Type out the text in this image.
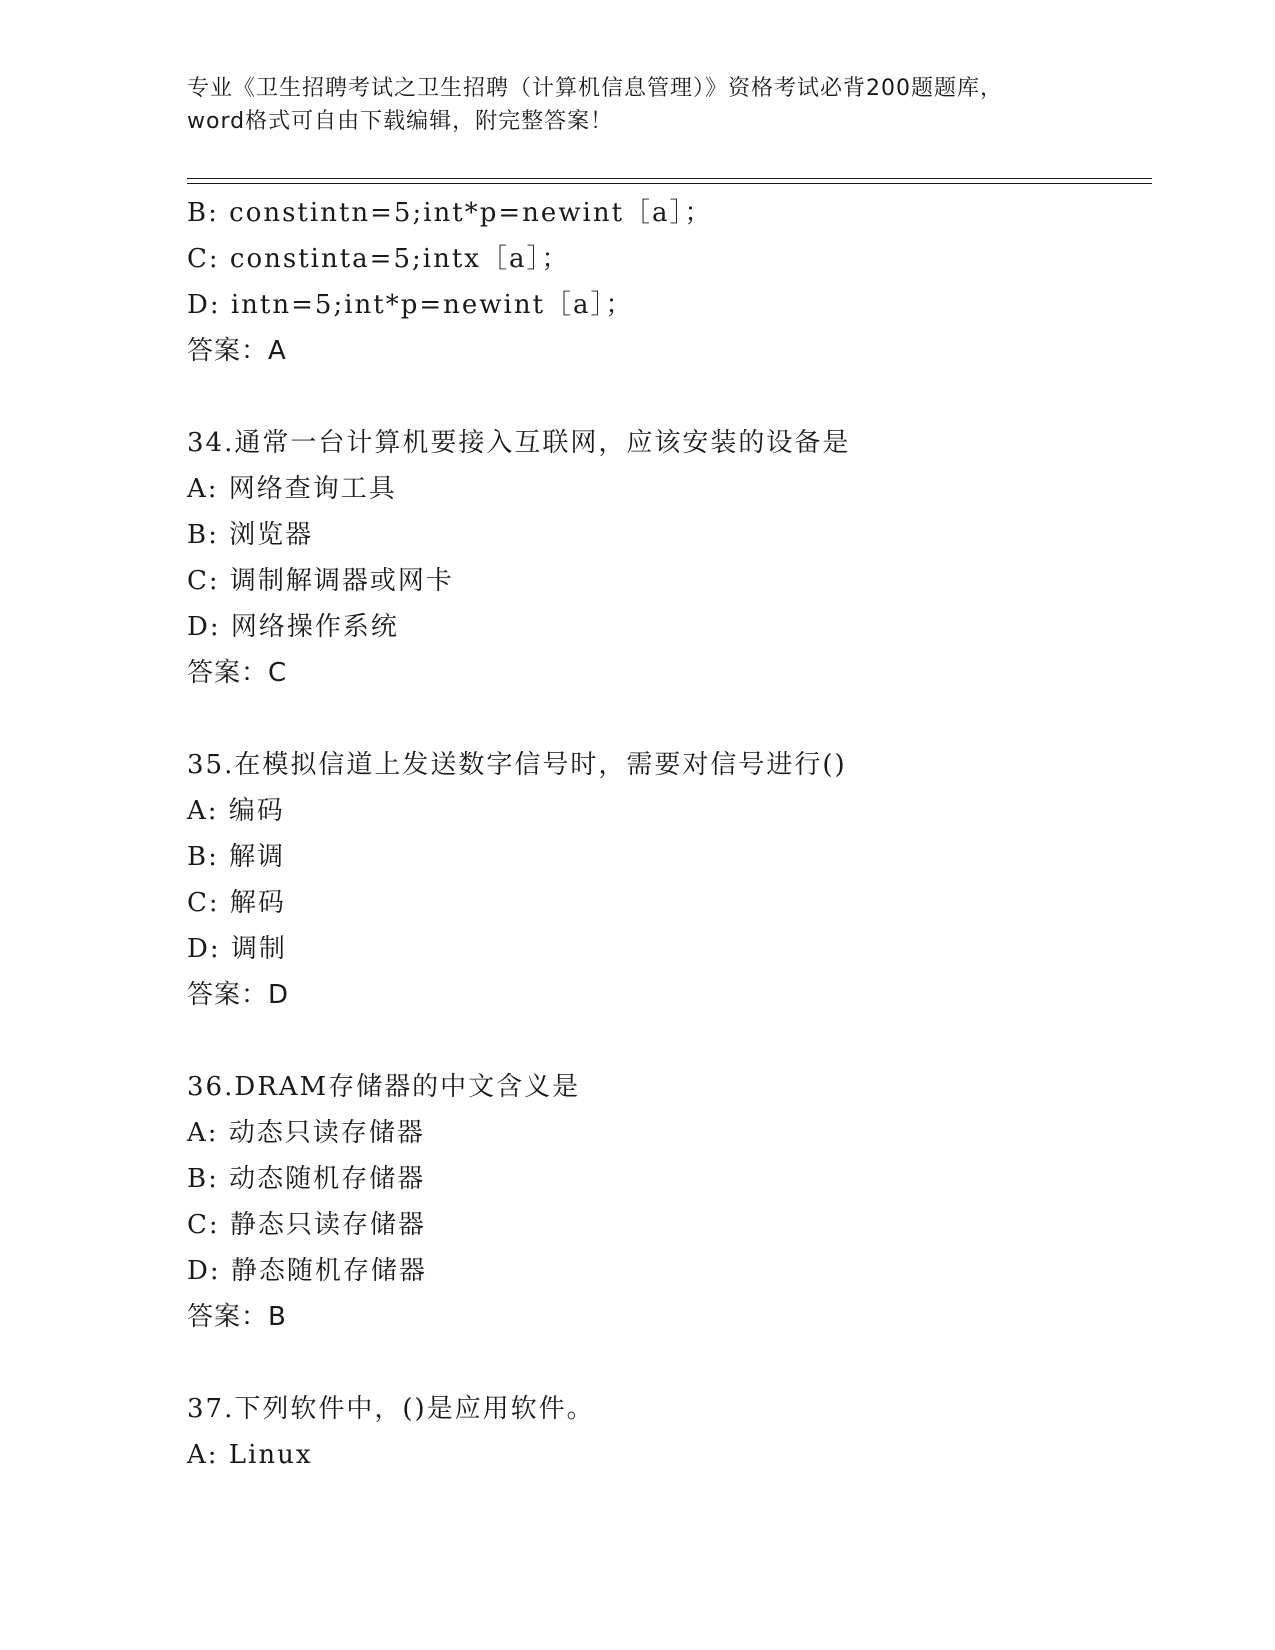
专业《卫生招聘考试之卫生招聘（计算机信息管理）》资格考试必背200题题库，
word格式可自由下载编辑，附完整答案！
B: constintn=5;int*p=newint［a］；
C: constinta=5;intx［a］；
D: intn=5;int*p=newint［a］；
答案：A
34.通常一台计算机要接入互联网，应该安装的设备是
A: 网络查询工具
B: 浏览器
C: 调制解调器或网卡
D: 网络操作系统
答案：C
35.在模拟信道上发送数字信号时，需要对信号进行()
A: 编码
B: 解调
C: 解码
D: 调制
答案：D
36.DRAM存储器的中文含义是
A: 动态只读存储器
B: 动态随机存储器
C: 静态只读存储器
D: 静态随机存储器
答案：B
37.下列软件中，()是应用软件。
A: Linux
